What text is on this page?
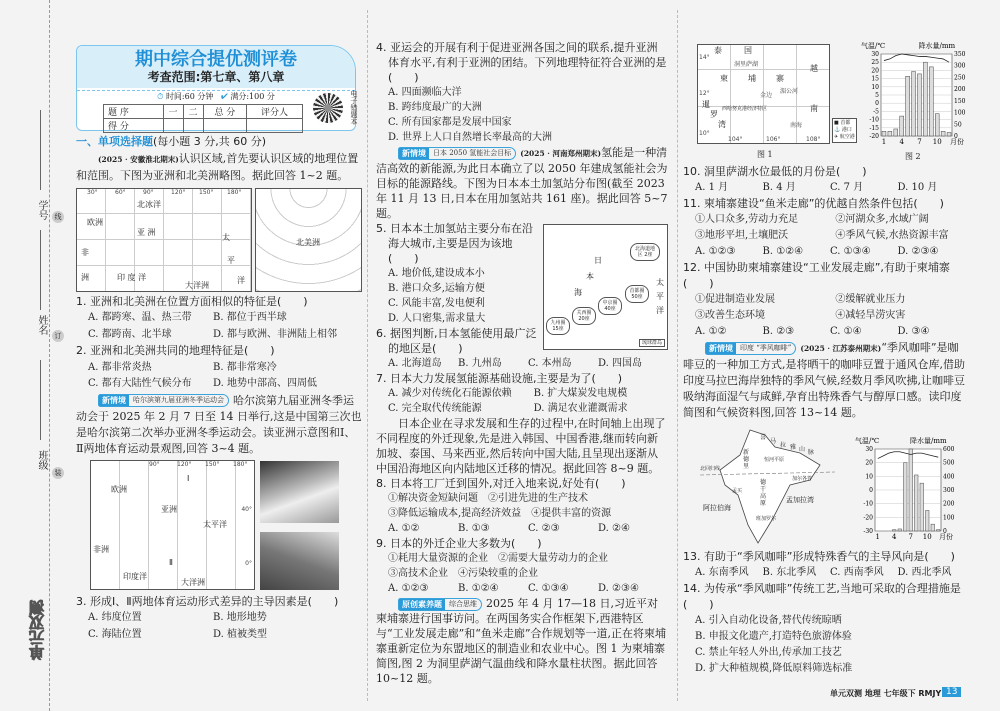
学号
姓名
班级
线
订
装
单元双测
期中综合提优测评卷
考查范围:第七章、第八章
⏱ 时间:60 分钟 ✔ 满分:100 分
题 序	一	二	总 分	评分人
得 分				
电子错题本
一、单项选择题(每小题 3 分,共 60 分)
(2025 · 安徽淮北期末)认识区域,首先要认识区域的地理位置和范围。下图为亚洲和北美洲略图。据此回答 1~2 题。
30°	60°	90°	120° 150° 180°
欧洲
亚 洲
非
洲	印 度 洋
大洋洲
太
平
洋
北冰洋
北美洲
1. 亚洲和北美洲在位置方面相似的特征是(　　)
A. 都跨寒、温、热三带	B. 都位于西半球
C. 都跨南、北半球	D. 都与欧洲、非洲陆上相邻
2. 亚洲和北美洲共同的地理特征是(　　)
A. 都非常炎热	B. 都非常寒冷
C. 都有大陆性气候分布	D. 地势中部高、四周低
新情境	哈尔滨第九届亚洲冬季运动会 哈尔滨第九届亚洲冬季运动会于 2025 年 2 月 7 日至 14 日举行,这是中国第三次也是哈尔滨第二次举办亚洲冬季运动会。读亚洲示意图和Ⅰ、Ⅱ两地体育运动景观图,回答 3~4 题。
90°	120° 150° 180°
40°
0°
欧洲
亚洲
太平洋
非洲
印度洋
大洋洲
Ⅰ
Ⅱ
3. 形成Ⅰ、Ⅱ两地体育运动形式差异的主导因素是(　　)
A. 纬度位置	B. 地形地势
C. 海陆位置	D. 植被类型
4. 亚运会的开展有利于促进亚洲各国之间的联系,提升亚洲体育水平,有利于亚洲的团结。下列地理特征符合亚洲的是(　　)
A. 四面濒临大洋
B. 跨纬度最广的大洲
C. 所有国家都是发展中国家
D. 世界上人口自然增长率最高的大洲
新情境	日本 2050 氢能社会目标	(2025 · 河南郑州期末)氢能是一种清洁高效的新能源,为此日本确立了以 2050 年建成氢能社会为目标的能源路线。下图为日本本土加氢站分布图(截至 2023 年 11 月 13 日,日本在用加氢站共 161 座)。据此回答 5~7 题。
日
本
海
太
平
洋
九州圈 15座
关西圈 20座
中京圈 40座
首都圈 50座
北海道地区 2座
琉球群岛
5. 日本本土加氢站主要分布在沿海大城市,主要是因为该地(　　)
A. 地价低,建设成本小
B. 港口众多,运输方便
C. 风能丰富,发电便利
D. 人口密集,需求量大
6. 据图判断,日本氢能使用最广泛的地区是(　　)
A. 北海道岛	B. 九州岛	C. 本州岛	D. 四国岛
7. 日本大力发展氢能源基础设施,主要是为了(　　)
A. 减少对传统化石能源依赖	B. 扩大煤炭发电规模
C. 完全取代传统能源	D. 满足农业灌溉需求
日本企业在寻求发展和生存的过程中,在时间轴上出现了不同程度的外迁现象,先是进入韩国、中国香港,继而转向新加坡、泰国、马来西亚,然后转向中国大陆,且呈现出逐渐从中国沿海地区向内陆地区迁移的情况。据此回答 8~9 题。
8. 日本将工厂迁到国外,对迁入地来说,好处有(　　)
①解决资金短缺问题　 ②引进先进的生产技术
③降低运输成本,提高经济效益　 ④提供丰富的资源
A. ①②	B. ①③	C. ②③	D. ②④
9. 日本的外迁企业大多数为(　　)
①耗用大量资源的企业　 ②需要大量劳动力的企业
③高技术企业　 ④污染较重的企业
A. ①②③	B. ①②④	C. ①③④	D. ②③④
原创素养题	综合思维 2025 年 4 月 17—18 日,习近平对柬埔寨进行国事访问。在两国务实合作框架下,西港特区与“工业发展走廊”和“鱼米走廊”合作规划等一道,正在将柬埔寨重新定位为东盟地区的制造业和农业中心。图 1 为柬埔寨简图,图 2 为洞里萨湖气温曲线和降水量柱状图。据此回答 10~12 题。
14°
12°
10°
104°	106°	108°
泰	国
柬	埔	寨
越
南
金边
洞里萨湖
湄公河
暹
罗
湾
西哈努克港经济特区
南海	■ 首都
⚓ 港口
✈ 航空港
图 1
30
25
20
15
10
5
0
-5
-10
-15
-20
350
300
250
200
150
100
50
0
1 4 7 10 月份
气温/℃	降水量/mm
图 2
10. 洞里萨湖水位最低的月份是(　　)
A. 1 月	B. 4 月	C. 7 月	D. 10 月
11. 柬埔寨建设“鱼米走廊”的优越自然条件包括(　　)
①人口众多,劳动力充足	②河湖众多,水域广阔
③地形平坦,土壤肥沃	④季风气候,水热资源丰富
A. ①②③	B. ①②④	C. ①③④	D. ②③④
12. 中国协助柬埔寨建设“工业发展走廊”,有助于柬埔寨(　　)
①促进制造业发展	②缓解就业压力
③改善生态环境	④减轻旱涝灾害
A. ①②	B. ②③	C. ①④	D. ③④
新情境	印度 “季风咖啡”	(2025 · 江苏泰州期末)“季风咖啡”是咖啡豆的一种加工方式,是将晒干的咖啡豆置于通风仓库,借助印度马拉巴海岸独特的季风气候,经数月季风吹拂,让咖啡豆吸纳海面湿气与咸鲜,孕育出特殊香气与醇厚口感。读印度简图和气候资料图,回答 13~14 题。
新德里
喜
马
拉 雅 山 脉
恒河平原
德干高原
阿拉伯海
孟加拉湾
孟买
加尔各答
班加罗尔
北回归线
30
20
10
0
-10
-20
-30
600
500
400
300
200
100
0
1 4 7 10 月份
气温/℃	降水量/mm
13. 有助于“季风咖啡”形成特殊香气的主导风向是(　　)
A. 东南季风	B. 东北季风	C. 西南季风	D. 西北季风
14. 为传承“季风咖啡”传统工艺,当地可采取的合理措施是(　　)
A. 引入自动化设备,替代传统晾晒
B. 申报文化遗产,打造特色旅游体验
C. 禁止年轻人外出,传承加工技艺
D. 扩大种植规模,降低原料筛选标准
单元双测 地理 七年级下 RMJY 13
